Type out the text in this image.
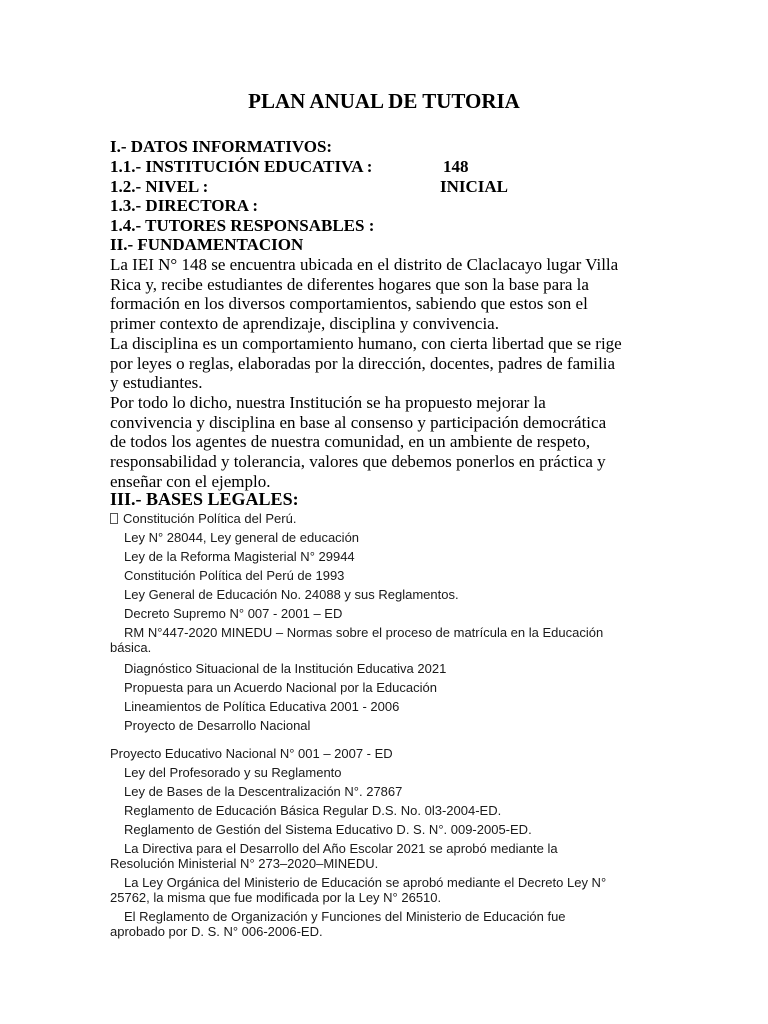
PLAN ANUAL DE TUTORIA
I.- DATOS INFORMATIVOS:
1.1.- INSTITUCIÓN EDUCATIVA :	148
1.2.- NIVEL :	INICIAL
1.3.- DIRECTORA :
1.4.- TUTORES RESPONSABLES :
II.- FUNDAMENTACION
La IEI N° 148 se encuentra ubicada en el distrito de Claclacayo lugar Villa
Rica y, recibe estudiantes de diferentes hogares que son la base para la
formación en los diversos comportamientos, sabiendo que estos son el
primer contexto de aprendizaje, disciplina y convivencia.
La disciplina es un comportamiento humano, con cierta libertad que se rige
por leyes o reglas, elaboradas por la dirección, docentes, padres de familia
y estudiantes.
Por todo lo dicho, nuestra Institución se ha propuesto mejorar la
convivencia y disciplina en base al consenso y participación democrática
de todos los agentes de nuestra comunidad, en un ambiente de respeto,
responsabilidad y tolerancia, valores que debemos ponerlos en práctica y
enseñar con el ejemplo.
III.- BASES LEGALES:
Constitución Política del Perú.
Ley N° 28044, Ley general de educación
Ley de la Reforma Magisterial N° 29944
Constitución Política del Perú de 1993
Ley General de Educación No. 24088 y sus Reglamentos.
Decreto Supremo N° 007 - 2001 – ED
RM N°447-2020 MINEDU – Normas sobre el proceso de matrícula en la Educación
básica.
Diagnóstico Situacional de la Institución Educativa 2021
Propuesta para un Acuerdo Nacional por la Educación
Lineamientos de Política Educativa 2001 - 2006
Proyecto de Desarrollo Nacional
Proyecto Educativo Nacional N° 001 – 2007 - ED
Ley del Profesorado y su Reglamento
Ley de Bases de la Descentralización N°. 27867
Reglamento de Educación Básica Regular D.S. No. 0l3-2004-ED.
Reglamento de Gestión del Sistema Educativo D. S. N°. 009-2005-ED.
La Directiva para el Desarrollo del Año Escolar 2021 se aprobó mediante la
Resolución Ministerial N° 273–2020–MINEDU.
La Ley Orgánica del Ministerio de Educación se aprobó mediante el Decreto Ley N°
25762, la misma que fue modificada por la Ley N° 26510.
El Reglamento de Organización y Funciones del Ministerio de Educación fue
aprobado por D. S. N° 006-2006-ED.
